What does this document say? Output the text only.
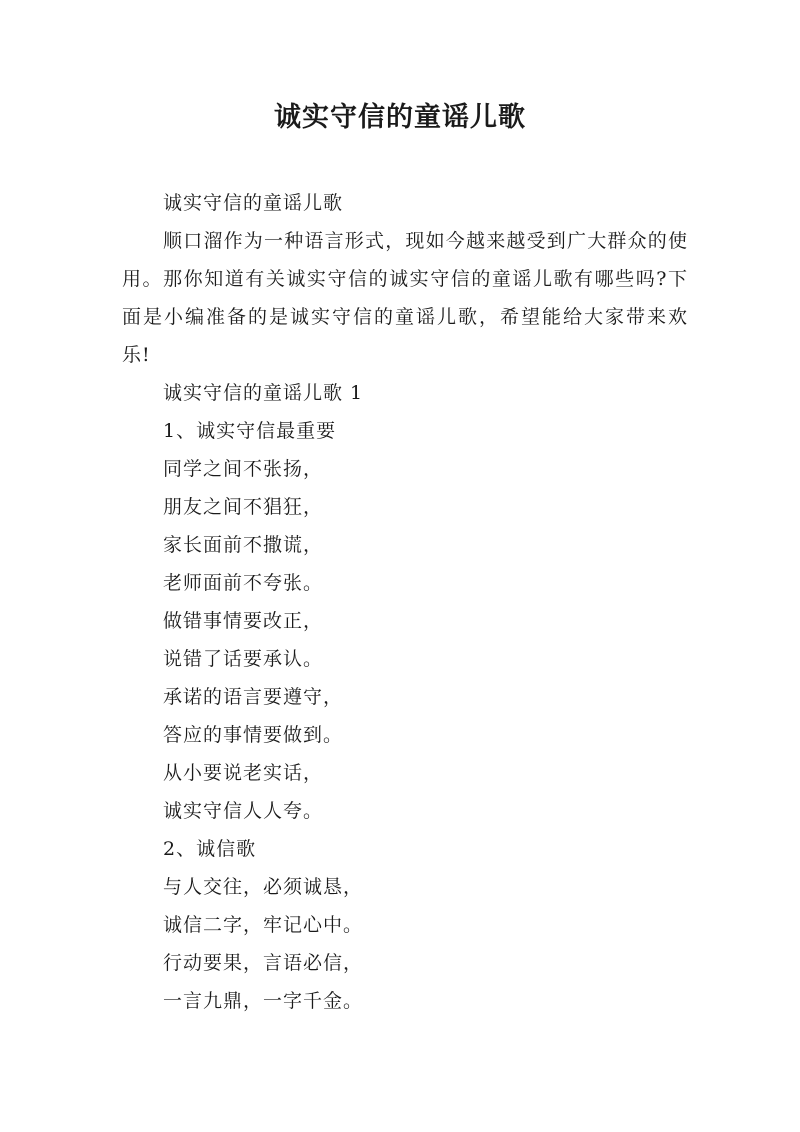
诚实守信的童谣儿歌

诚实守信的童谣儿歌

顺口溜作为一种语言形式，现如今越来越受到广大群众的使用。那你知道有关诚实守信的诚实守信的童谣儿歌有哪些吗?下面是小编准备的是诚实守信的童谣儿歌，希望能给大家带来欢乐!

诚实守信的童谣儿歌 1

1、诚实守信最重要

同学之间不张扬，

朋友之间不猖狂，

家长面前不撒谎，

老师面前不夸张。

做错事情要改正，

说错了话要承认。

承诺的语言要遵守，

答应的事情要做到。

从小要说老实话，

诚实守信人人夸。

2、诚信歌

与人交往，必须诚恳，

诚信二字，牢记心中。

行动要果，言语必信，

一言九鼎，一字千金。
